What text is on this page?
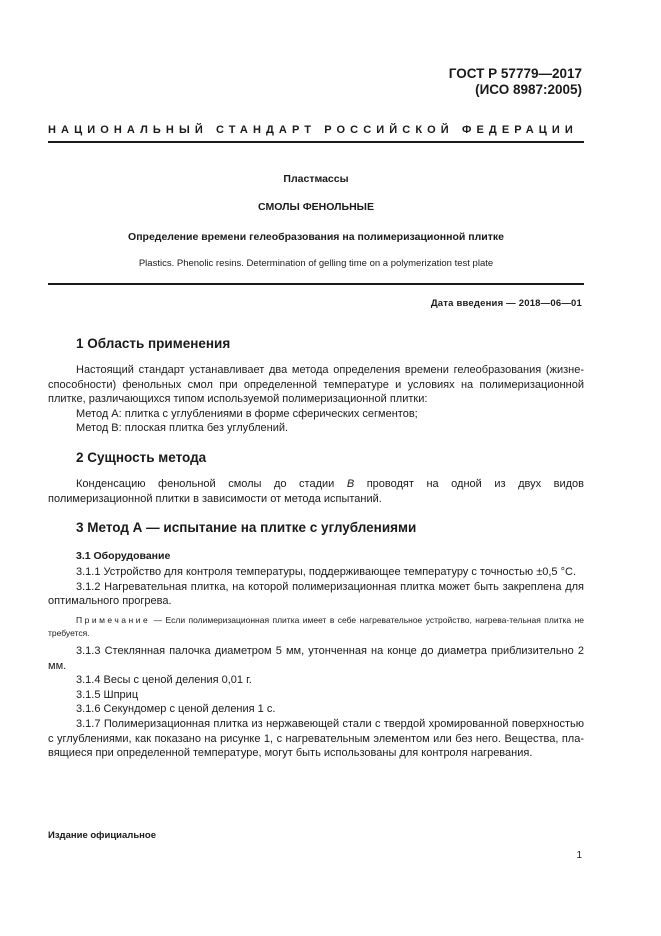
ГОСТ Р 57779—2017
(ИСО 8987:2005)
НАЦИОНАЛЬНЫЙ СТАНДАРТ РОССИЙСКОЙ ФЕДЕРАЦИИ
Пластмассы
СМОЛЫ ФЕНОЛЬНЫЕ
Определение времени гелеобразования на полимеризационной плитке
Plastics. Phenolic resins. Determination of gelling time on a polymerization test plate
Дата введения — 2018—06—01
1 Область применения

Настоящий стандарт устанавливает два метода определения времени гелеобразования (жизне-способности) фенольных смол при определенной температуре и условиях на полимеризационной плитке, различающихся типом используемой полимеризационной плитки:

Метод А: плитка с углублениями в форме сферических сегментов;

Метод В: плоская плитка без углублений.

2 Сущность метода

Конденсацию фенольной смолы до стадии B проводят на одной из двух видов полимеризационной плитки в зависимости от метода испытаний.

3 Метод А — испытание на плитке с углублениями
3.1 Оборудование

3.1.1 Устройство для контроля температуры, поддерживающее температуру с точностью ±0,5 °С.

3.1.2 Нагревательная плитка, на которой полимеризационная плитка может быть закреплена для оптимального прогрева.

Примечание — Если полимеризационная плитка имеет в себе нагревательное устройство, нагрева-тельная плитка не требуется.

3.1.3 Стеклянная палочка диаметром 5 мм, утонченная на конце до диаметра приблизительно 2 мм.

3.1.4 Весы с ценой деления 0,01 г.

3.1.5 Шприц

3.1.6 Секундомер с ценой деления 1 с.

3.1.7 Полимеризационная плитка из нержавеющей стали с твердой хромированной поверхностью с углублениями, как показано на рисунке 1, с нагревательным элементом или без него. Вещества, пла-вящиеся при определенной температуре, могут быть использованы для контроля нагревания.

Издание официальное
1
